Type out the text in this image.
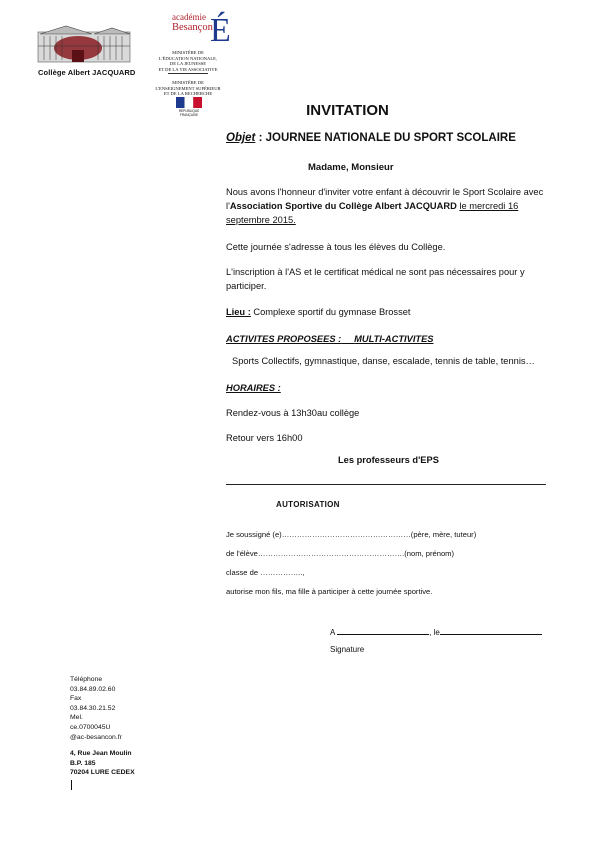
Collège Albert JACQUARD
É
académie
Besançon
MINISTÈRE DE
L'ÉDUCATION NATIONALE,
DE LA JEUNESSE
ET DE LA VIE ASSOCIATIVE
MINISTÈRE DE
L'ENSEIGNEMENT SUPÉRIEUR
ET DE LA RECHERCHE
RÉPUBLIQUE FRANÇAISE	INVITATION
Objet : JOURNEE NATIONALE DU SPORT SCOLAIRE
Madame, Monsieur
Nous avons l'honneur d'inviter votre enfant à découvrir le Sport Scolaire avec l'Association Sportive du Collège Albert JACQUARD le mercredi 16 septembre 2015.
Cette journée s'adresse à tous les élèves du Collège.
L'inscription à l'AS et le certificat médical ne sont pas nécessaires pour y participer.
Lieu : Complexe sportif du gymnase Brosset
ACTIVITES PROPOSEES : MULTI-ACTIVITES
Sports Collectifs, gymnastique, danse, escalade, tennis de table, tennis…
HORAIRES :
Rendez-vous à 13h30au collège
Retour vers 16h00
Les professeurs d'EPS
AUTORISATION
Je soussigné (e)……………………………………………(père, mère, tuteur)
de l'élève………………………………………………….(nom, prénom)
classe de ……………..,
autorise mon fils, ma fille à participer à cette journée sportive.
A	, le
Signature
Téléphone
03.84.89.02.60
Fax
03.84.30.21.52
Mel.
ce.0700045U
@ac-besancon.fr
4, Rue Jean Moulin
B.P. 185
70204 LURE CEDEX
